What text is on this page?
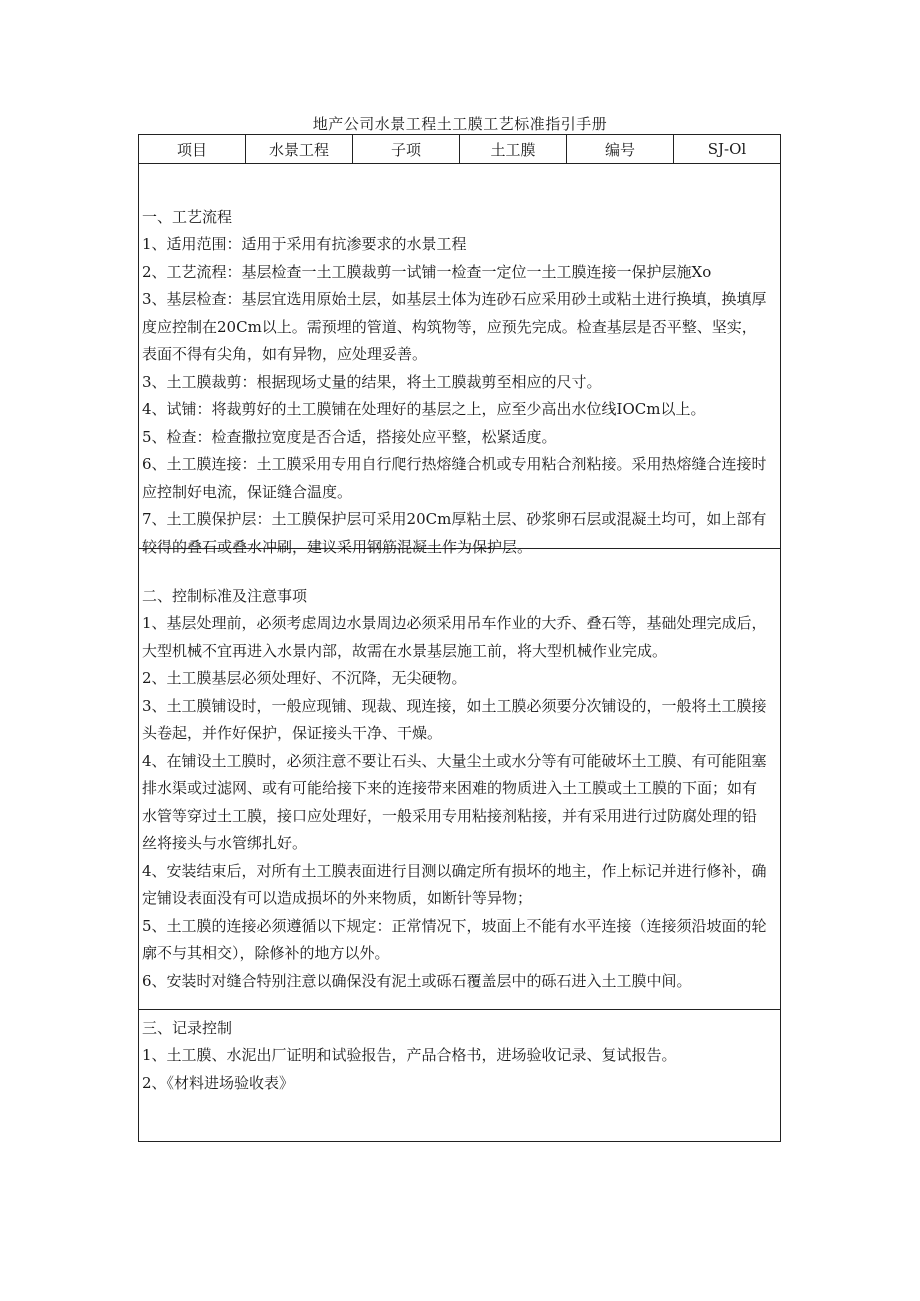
地产公司水景工程土工膜工艺标准指引手册
项目	水景工程	子项	土工膜	编号	SJ-Ol
一、工艺流程
1、适用范围：适用于采用有抗渗要求的水景工程
2、工艺流程：基层检查一土工膜裁剪一试铺一检查一定位一土工膜连接一保护层施Xo
3、基层检查：基层宜选用原始土层，如基层土体为连砂石应采用砂土或粘土进行换填，换填厚度应控制在20Cm以上。需预埋的管道、构筑物等，应预先完成。检查基层是否平整、坚实，表面不得有尖角，如有异物，应处理妥善。
3、土工膜裁剪：根据现场丈量的结果，将土工膜裁剪至相应的尺寸。
4、试铺：将裁剪好的土工膜铺在处理好的基层之上，应至少高出水位线IOCm以上。
5、检查：检查撒拉宽度是否合适，搭接处应平整，松紧适度。
6、土工膜连接：土工膜采用专用自行爬行热熔缝合机或专用粘合剂粘接。采用热熔缝合连接时应控制好电流，保证缝合温度。
7、土工膜保护层：土工膜保护层可采用20Cm厚粘土层、砂浆卵石层或混凝土均可，如上部有较得的叠石或叠水冲刷，建议采用钢筋混凝土作为保护层。
二、控制标准及注意事项
1、基层处理前，必须考虑周边水景周边必须采用吊车作业的大乔、叠石等，基础处理完成后，大型机械不宜再进入水景内部，故需在水景基层施工前，将大型机械作业完成。
2、土工膜基层必须处理好、不沉降，无尖硬物。
3、土工膜铺设时，一般应现铺、现裁、现连接，如土工膜必须要分次铺设的，一般将土工膜接头卷起，并作好保护，保证接头干净、干燥。
4、在铺设土工膜时，必须注意不要让石头、大量尘土或水分等有可能破坏土工膜、有可能阻塞排水渠或过滤网、或有可能给接下来的连接带来困难的物质进入土工膜或土工膜的下面；如有水管等穿过土工膜，接口应处理好，一般采用专用粘接剂粘接，并有采用进行过防腐处理的铅丝将接头与水管绑扎好。
4、安装结束后，对所有土工膜表面进行目测以确定所有损坏的地主，作上标记并进行修补，确定铺设表面没有可以造成损坏的外来物质，如断针等异物；
5、土工膜的连接必须遵循以下规定：正常情况下，坡面上不能有水平连接（连接须沿坡面的轮廓不与其相交），除修补的地方以外。
6、安装时对缝合特别注意以确保没有泥土或砾石覆盖层中的砾石进入土工膜中间。
三、记录控制
1、土工膜、水泥出厂证明和试验报告，产品合格书，进场验收记录、复试报告。
2、《材料进场验收表》
